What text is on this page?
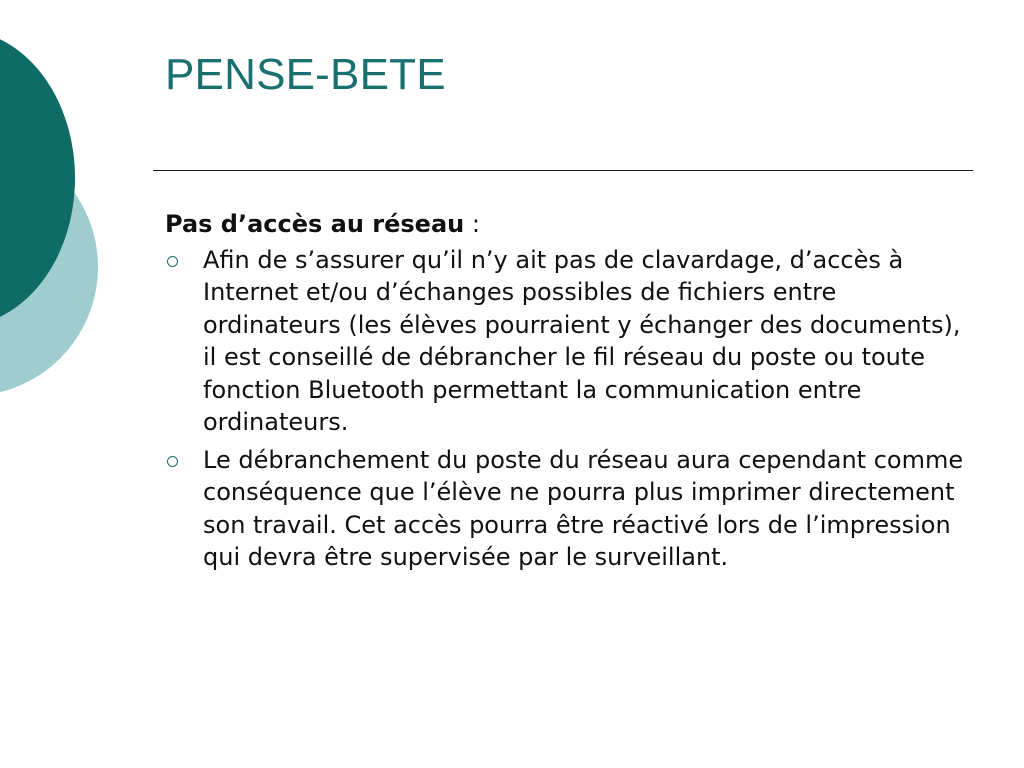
PENSE-BETE

Pas d’accès au réseau :

Afin de s’assurer qu’il n’y ait pas de clavardage, d’accès à Internet et/ou d’échanges possibles de fichiers entre ordinateurs (les élèves pourraient y échanger des documents), il est conseillé de débrancher le fil réseau du poste ou toute fonction Bluetooth permettant la communication entre ordinateurs.
Le débranchement du poste du réseau aura cependant comme conséquence que l’élève ne pourra plus imprimer directement son travail. Cet accès pourra être réactivé lors de l’impression qui devra être supervisée par le surveillant.
